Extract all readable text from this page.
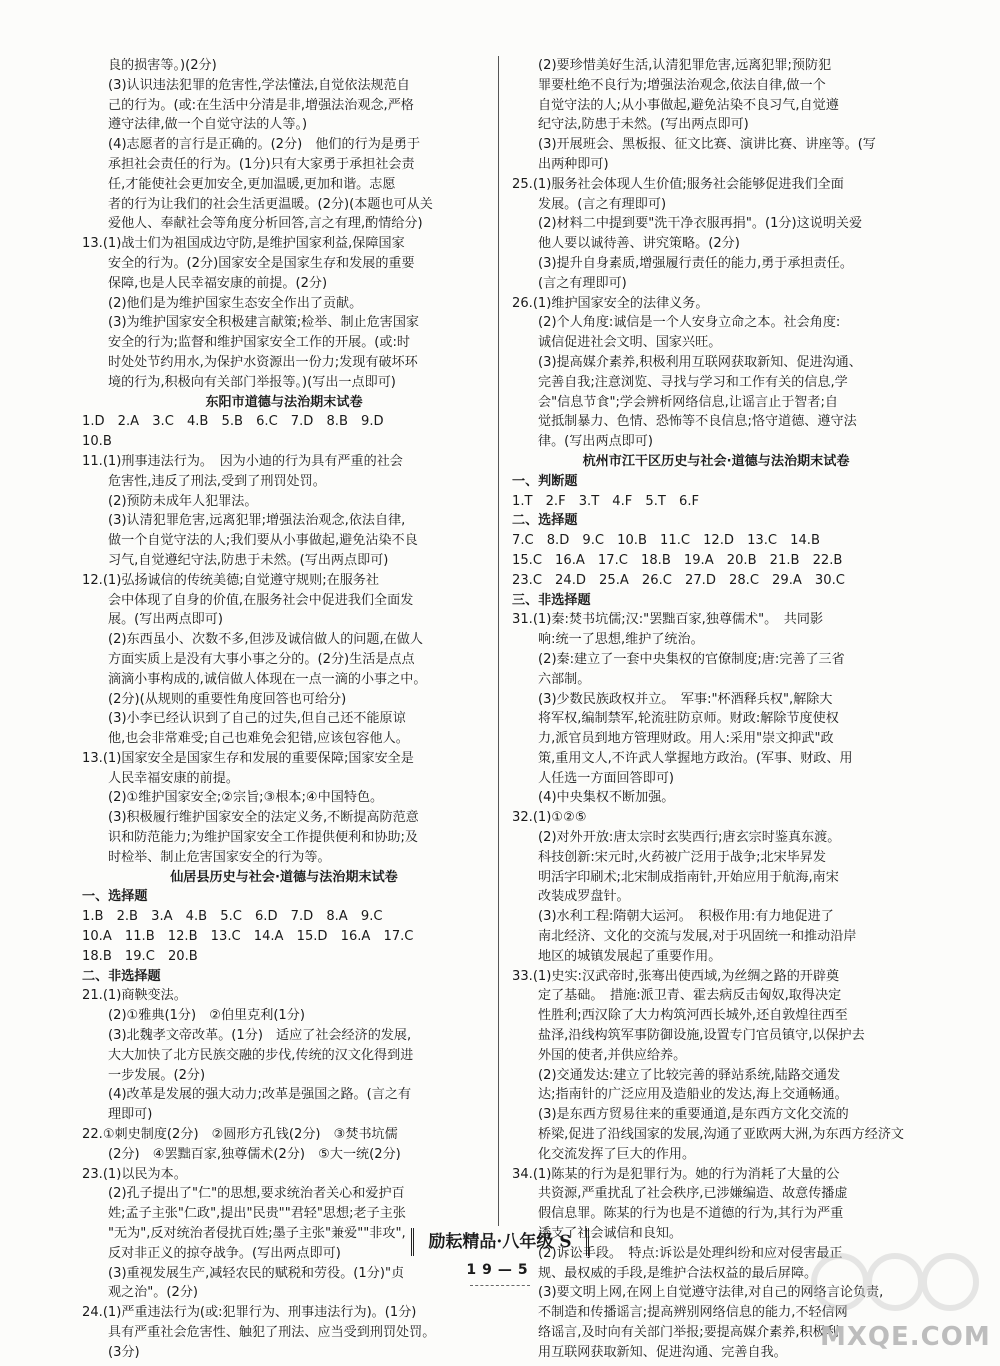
良的损害等。)(2分)
(3)认识违法犯罪的危害性,学法懂法,自觉依法规范自
己的行为。(或:在生活中分清是非,增强法治观念,严格
遵守法律,做一个自觉守法的人等。)
(4)志愿者的言行是正确的。(2分)　他们的行为是勇于
承担社会责任的行为。(1分)只有大家勇于承担社会责
任,才能使社会更加安全,更加温暖,更加和谐。志愿
者的行为让我们的社会生活更温暖。(2分)(本题也可从关
爱他人、奉献社会等角度分析回答,言之有理,酌情给分)
13.(1)战士们为祖国成边守防,是维护国家利益,保障国家
安全的行为。(2分)国家安全是国家生存和发展的重要
保障,也是人民幸福安康的前提。(2分)
(2)他们是为维护国家生态安全作出了贡献。
(3)为维护国家安全积极建言献策;检举、制止危害国家
安全的行为;监督和维护国家安全工作的开展。(或:时
时处处节约用水,为保护水资源出一份力;发现有破坏环
境的行为,积极向有关部门举报等。)(写出一点即可)
东阳市道德与法治期末试卷
1.D　2.A　3.C　4.B　5.B　6.C　7.D　8.B　9.D
10.B
11.(1)刑事违法行为。　因为小迪的行为具有严重的社会
危害性,违反了刑法,受到了刑罚处罚。
(2)预防未成年人犯罪法。
(3)认清犯罪危害,远离犯罪;增强法治观念,依法自律,
做一个自觉守法的人;我们要从小事做起,避免沾染不良
习气,自觉遵纪守法,防患于未然。(写出两点即可)
12.(1)弘扬诚信的传统美德;自觉遵守规则;在服务社
会中体现了自身的价值,在服务社会中促进我们全面发
展。(写出两点即可)
(2)东西虽小、次数不多,但涉及诚信做人的问题,在做人
方面实质上是没有大事小事之分的。(2分)生活是点点
滴滴小事构成的,诚信做人体现在一点一滴的小事之中。
(2分)(从规则的重要性角度回答也可给分)
(3)小李已经认识到了自己的过失,但自己还不能原谅
他,也会非常难受;自己也难免会犯错,应该包容他人。
13.(1)国家安全是国家生存和发展的重要保障;国家安全是
人民幸福安康的前提。
(2)①维护国家安全;②宗旨;③根本;④中国特色。
(3)积极履行维护国家安全的法定义务,不断提高防范意
识和防范能力;为维护国家安全工作提供便利和协助;及
时检举、制止危害国家安全的行为等。
仙居县历史与社会·道德与法治期末试卷
一、选择题
1.B　2.B　3.A　4.B　5.C　6.D　7.D　8.A　9.C
10.A　11.B　12.B　13.C　14.A　15.D　16.A　17.C
18.B　19.C　20.B
二、非选择题
21.(1)商鞅变法。
(2)①雅典(1分)　②伯里克利(1分)
(3)北魏孝文帝改革。(1分)　适应了社会经济的发展,
大大加快了北方民族交融的步伐,传统的汉文化得到进
一步发展。(2分)
(4)改革是发展的强大动力;改革是强国之路。(言之有
理即可)
22.①刺史制度(2分)　②圆形方孔钱(2分)　③焚书坑儒
(2分)　④罢黜百家,独尊儒术(2分)　⑤大一统(2分)
23.(1)以民为本。
(2)孔子提出了"仁"的思想,要求统治者关心和爱护百
姓;孟子主张"仁政",提出"民贵""君轻"思想;老子主张
"无为",反对统治者侵扰百姓;墨子主张"兼爱""非攻",
反对非正义的掠夺战争。(写出两点即可)
(3)重视发展生产,减轻农民的赋税和劳役。(1分)"贞
观之治"。(2分)
24.(1)严重违法行为(或:犯罪行为、刑事违法行为)。(1分)
具有严重社会危害性、触犯了刑法、应当受到刑罚处罚。
(3分)
(2)要珍惜美好生活,认清犯罪危害,远离犯罪;预防犯
罪要杜绝不良行为;增强法治观念,依法自律,做一个
自觉守法的人;从小事做起,避免沾染不良习气,自觉遵
纪守法,防患于未然。(写出两点即可)
(3)开展班会、黑板报、征文比赛、演讲比赛、讲座等。(写
出两种即可)
25.(1)服务社会体现人生价值;服务社会能够促进我们全面
发展。(言之有理即可)
(2)材料二中提到要"洗干净衣服再捐"。(1分)这说明关爱
他人要以诚待善、讲究策略。(2分)
(3)提升自身素质,增强履行责任的能力,勇于承担责任。
(言之有理即可)
26.(1)维护国家安全的法律义务。
(2)个人角度:诚信是一个人安身立命之本。社会角度:
诚信促进社会文明、国家兴旺。
(3)提高媒介素养,积极利用互联网获取新知、促进沟通、
完善自我;注意浏览、寻找与学习和工作有关的信息,学
会"信息节食";学会辨析网络信息,让谣言止于智者;自
觉抵制暴力、色情、恐怖等不良信息;恪守道德、遵守法
律。(写出两点即可)
杭州市江干区历史与社会·道德与法治期末试卷
一、判断题
1.T　2.F　3.T　4.F　5.T　6.F
二、选择题
7.C　8.D　9.C　10.B　11.C　12.D　13.C　14.B
15.C　16.A　17.C　18.B　19.A　20.B　21.B　22.B
23.C　24.D　25.A　26.C　27.D　28.C　29.A　30.C
三、非选择题
31.(1)秦:焚书坑儒;汉:"罢黜百家,独尊儒术"。　共同影
响:统一了思想,维护了统治。
(2)秦:建立了一套中央集权的官僚制度;唐:完善了三省
六部制。
(3)少数民族政权并立。　军事:"杯酒释兵权",解除大
将军权,编制禁军,轮流驻防京师。财政:解除节度使权
力,派官员到地方管理财政。用人:采用"崇文抑武"政
策,重用文人,不许武人掌握地方政治。(军事、财政、用
人任选一方面回答即可)
(4)中央集权不断加强。
32.(1)①②⑤
(2)对外开放:唐太宗时玄奘西行;唐玄宗时鉴真东渡。
科技创新:宋元时,火药被广泛用于战争;北宋毕昇发
明活字印刷术;北宋制成指南针,开始应用于航海,南宋
改装成罗盘针。
(3)水利工程:隋朝大运河。　积极作用:有力地促进了
南北经济、文化的交流与发展,对于巩固统一和推动沿岸
地区的城镇发展起了重要作用。
33.(1)史实:汉武帝时,张骞出使西域,为丝绸之路的开辟奠
定了基础。　措施:派卫青、霍去病反击匈奴,取得决定
性胜利;西汉除了大力构筑河西长城外,还自敦煌往西至
盐泽,沿线构筑军事防御设施,设置专门官员镇守,以保护去
外国的使者,并供应给养。
(2)交通发达:建立了比较完善的驿站系统,陆路交通发
达;指南针的广泛应用及造船业的发达,海上交通畅通。
(3)是东西方贸易往来的重要通道,是东西方文化交流的
桥梁,促进了沿线国家的发展,沟通了亚欧两大洲,为东西方经济文
化交流发挥了巨大的作用。
34.(1)陈某的行为是犯罪行为。她的行为消耗了大量的公
共资源,严重扰乱了社会秩序,已涉嫌编造、故意传播虚
假信息罪。陈某的行为也是不道德的行为,其行为严重
透支了社会诚信和良知。
(2)诉讼手段。　特点:诉讼是处理纠纷和应对侵害最正
规、最权威的手段,是维护合法权益的最后屏障。
(3)要文明上网,在网上自觉遵守法律,对自己的网络言论负责,
不制造和传播谣言;提高辨别网络信息的能力,不轻信网
络谣言,及时向有关部门举报;要提高媒介素养,积极利
用互联网获取新知、促进沟通、完善自我。
励耘精品·八年级 S
19—5
MXQE.COM
